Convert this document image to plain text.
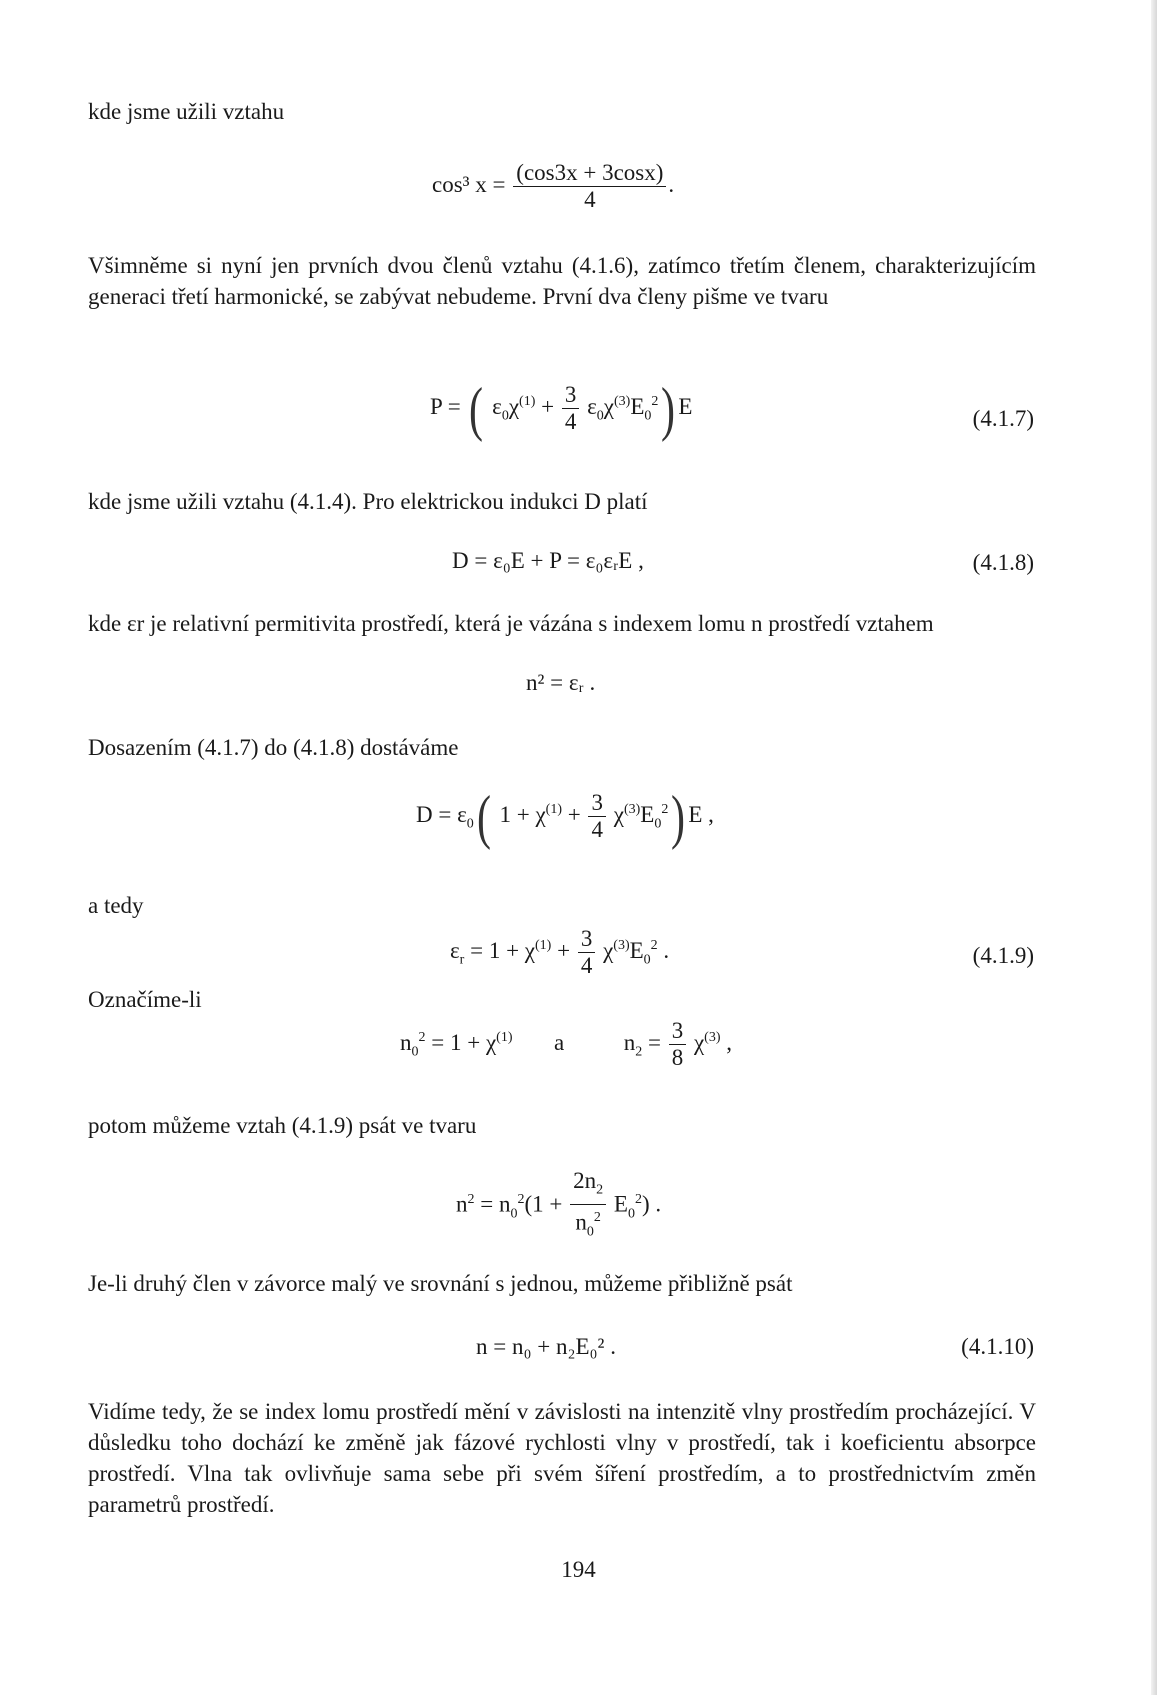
kde jsme užili vztahu

cos³ $x = \frac{(\cos 3x + 3\cos x)}{4}$ .

Všimněme si nyní jen prvních dvou členů vztahu (4.1.6), zatímco třetím členem, charakterizujícím generaci třetí harmonické, se zabývat nebudeme. První dva členy pišme ve tvaru

P = ( $\varepsilon_0\chi^{(1)} + \frac{3}{4} \varepsilon_0\chi^{(3)}E_0^2$) E	(4.1.7)

kde jsme užili vztahu (4.1.4). Pro elektrickou indukci D platí

D = ε₀E + P = ε₀εᵣE ,	(4.1.8)

kde εr je relativní permitivita prostředí, která je vázána s indexem lomu n prostředí vztahem

n² = εᵣ .

Dosazením (4.1.7) do (4.1.8) dostáváme

$D = \varepsilon_0$( $1 + \chi^{(1)} + \frac{3}{4} \chi^{(3)}E_0^2$) E ,

a tedy

$\varepsilon_r = 1 + \chi^{(1)} + \frac{3}{4} \chi^{(3)}E_0^2$ .	(4.1.9)

Označíme-li

$n_0^2 = 1 + \chi^{(1)}$ a  $n_2 = \frac{3}{8} \chi^{(3)}$ ,

potom můžeme vztah (4.1.9) psát ve tvaru

$n^2 = n_0^2(1 + \frac{2n_2}{n_0^2} E_0^2)$ .

Je-li druhý člen v závorce malý ve srovnání s jednou, můžeme přibližně psát

n = n₀ + n₂E₀² .	(4.1.10)

Vidíme tedy, že se index lomu prostředí mění v závislosti na intenzitě vlny prostředím procházející. V důsledku toho dochází ke změně jak fázové rychlosti vlny v prostředí, tak i koeficientu absorpce prostředí. Vlna tak ovlivňuje sama sebe při svém šíření prostředím, a to prostřednictvím změn parametrů prostředí.

194
